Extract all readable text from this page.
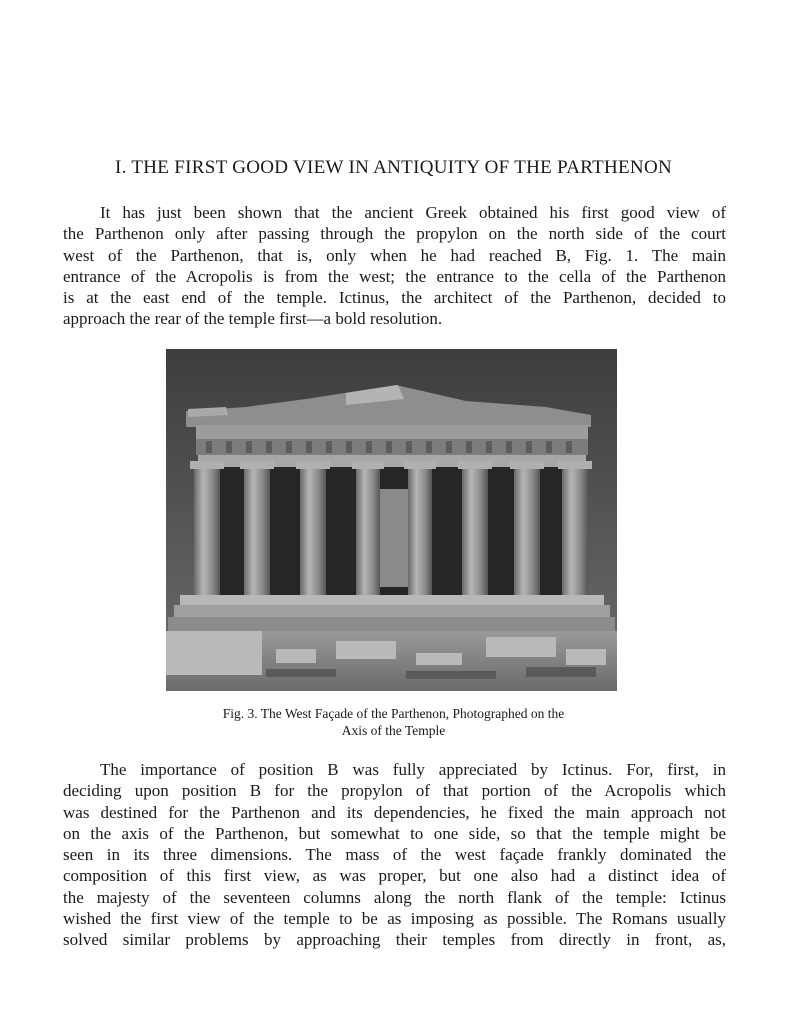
I. THE FIRST GOOD VIEW IN ANTIQUITY OF THE PARTHENON
It has just been shown that the ancient Greek obtained his first good view of
the Parthenon only after passing through the propylon on the north side of the court
west of the Parthenon, that is, only when he had reached B, Fig. 1. The main
entrance of the Acropolis is from the west; the entrance to the cella of the Parthenon
is at the east end of the temple. Ictinus, the architect of the Parthenon, decided to
approach the rear of the temple first—a bold resolution.
Fig. 3. The West Façade of the Parthenon, Photographed on the
Axis of the Temple
The importance of position B was fully appreciated by Ictinus. For, first, in
deciding upon position B for the propylon of that portion of the Acropolis which
was destined for the Parthenon and its dependencies, he fixed the main approach not
on the axis of the Parthenon, but somewhat to one side, so that the temple might be
seen in its three dimensions. The mass of the west façade frankly dominated the
composition of this first view, as was proper, but one also had a distinct idea of
the majesty of the seventeen columns along the north flank of the temple: Ictinus
wished the first view of the temple to be as imposing as possible. The Romans usually
solved similar problems by approaching their temples from directly in front, as,
